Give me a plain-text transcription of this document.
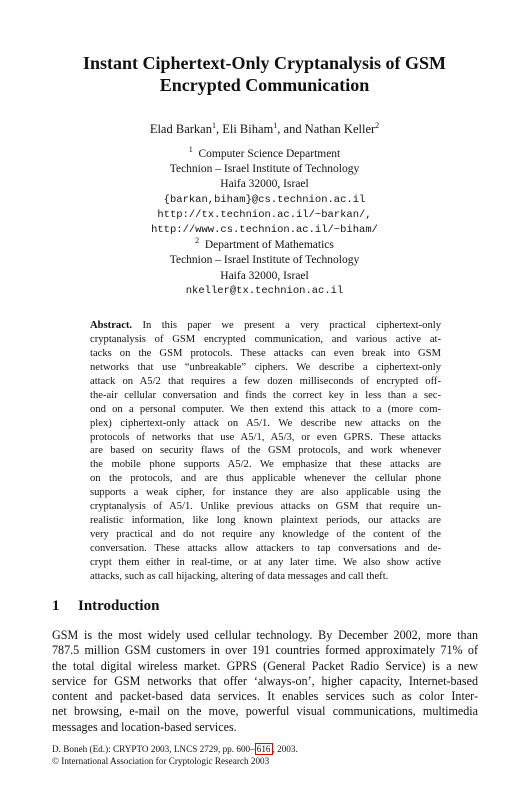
Instant Ciphertext-Only Cryptanalysis of GSM
Encrypted Communication
Elad Barkan$^1$, Eli Biham$^1$, and Nathan Keller$^2$
$^1$ Computer Science Department
Technion – Israel Institute of Technology
Haifa 32000, Israel
{barkan,biham}@cs.technion.ac.il
http://tx.technion.ac.il/~barkan/,
http://www.cs.technion.ac.il/~biham/
$^2$ Department of Mathematics
Technion – Israel Institute of Technology
Haifa 32000, Israel
nkeller@tx.technion.ac.il
Abstract. In this paper we present a very practical ciphertext-only
cryptanalysis of GSM encrypted communication, and various active at-
tacks on the GSM protocols. These attacks can even break into GSM
networks that use “unbreakable” ciphers. We describe a ciphertext-only
attack on A5/2 that requires a few dozen milliseconds of encrypted off-
the-air cellular conversation and finds the correct key in less than a sec-
ond on a personal computer. We then extend this attack to a (more com-
plex) ciphertext-only attack on A5/1. We describe new attacks on the
protocols of networks that use A5/1, A5/3, or even GPRS. These attacks
are based on security flaws of the GSM protocols, and work whenever
the mobile phone supports A5/2. We emphasize that these attacks are
on the protocols, and are thus applicable whenever the cellular phone
supports a weak cipher, for instance they are also applicable using the
cryptanalysis of A5/1. Unlike previous attacks on GSM that require un-
realistic information, like long known plaintext periods, our attacks are
very practical and do not require any knowledge of the content of the
conversation. These attacks allow attackers to tap conversations and de-
crypt them either in real-time, or at any later time. We also show active
attacks, such as call hijacking, altering of data messages and call theft.
1 Introduction
GSM is the most widely used cellular technology. By December 2002, more than
787.5 million GSM customers in over 191 countries formed approximately 71% of
the total digital wireless market. GPRS (General Packet Radio Service) is a new
service for GSM networks that offer ‘always-on’, higher capacity, Internet-based
content and packet-based data services. It enables services such as color Inter-
net browsing, e-mail on the move, powerful visual communications, multimedia
messages and location-based services.
D. Boneh (Ed.): CRYPTO 2003, LNCS 2729, pp. 600– 616 , 2003.
© International Association for Cryptologic Research 2003
